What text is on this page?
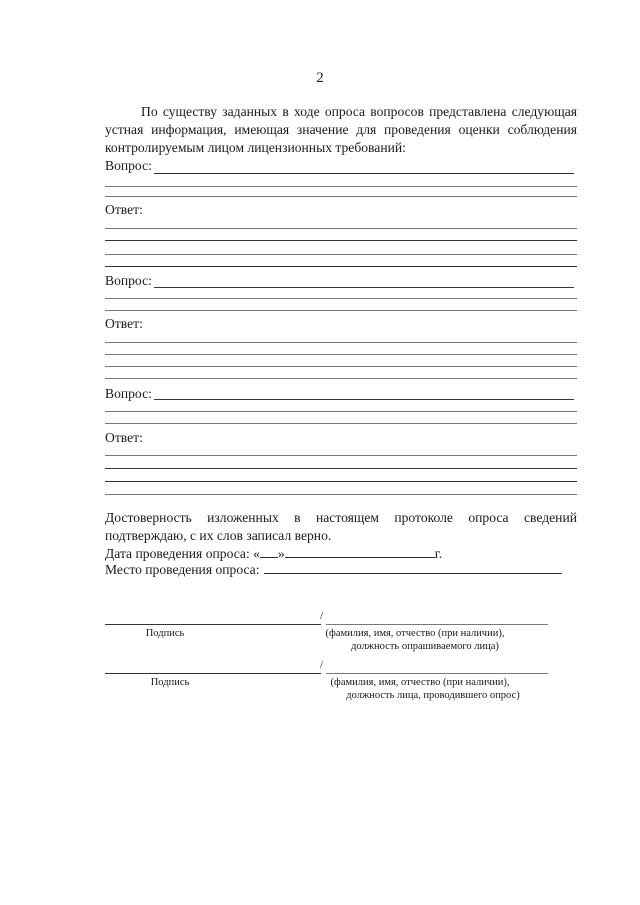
2
По существу заданных в ходе опроса вопросов представлена следующая устная информация, имеющая значение для проведения оценки соблюдения контролируемым лицом лицензионных требований:
Вопрос:
Ответ:
Вопрос:
Ответ:
Вопрос:
Ответ:
Достоверность изложенных в настоящем протоколе опроса сведений подтверждаю, с их слов записал верно.
Дата проведения опроса: « »	г.
Место проведения опроса:
/
Подпись	(фамилия, имя, отчество (при наличии),
должность опрашиваемого лица)
/
Подпись	(фамилия, имя, отчество (при наличии),
должность лица, проводившего опрос)
